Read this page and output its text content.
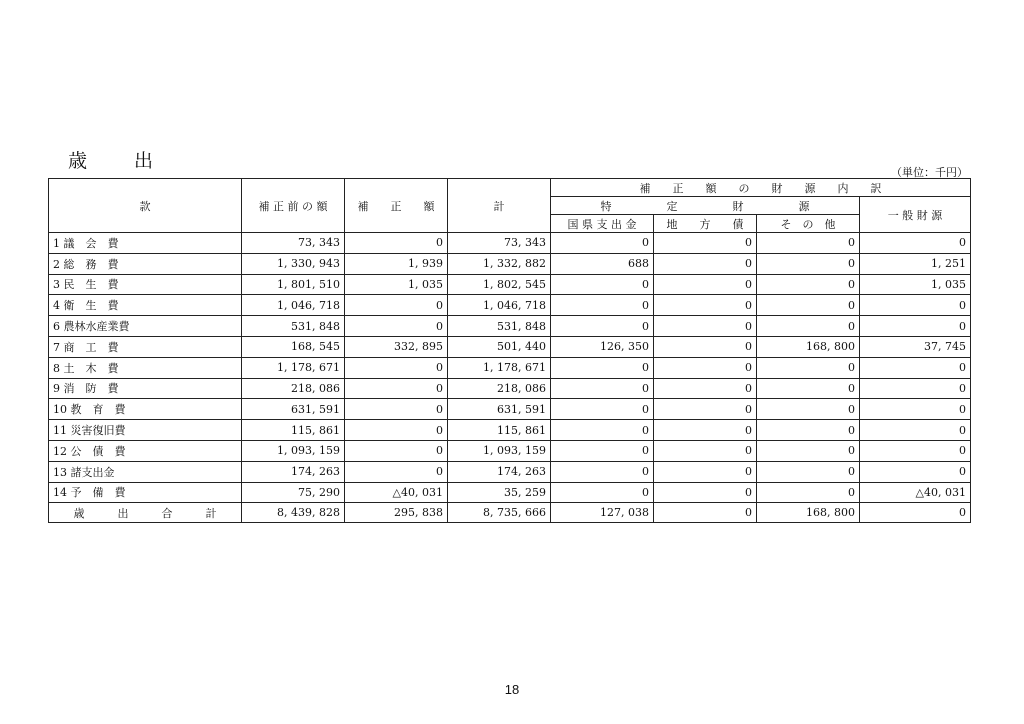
歳　出
（単位：千円）
款	補 正 前 の 額	補　　正　　額	計	補　　正　　額　　の　　財　　源　　内　　訳			
				特　　　　　定　　　　　財　　　　　源			一 般 財 源
				国 県 支 出 金	地　　方　　債	そ　の　他	
1 議　会　費	73, 343	0	73, 343	0	0	0	0
2 総　務　費	1, 330, 943	1, 939	1, 332, 882	688	0	0	1, 251
3 民　生　費	1, 801, 510	1, 035	1, 802, 545	0	0	0	1, 035
4 衛　生　費	1, 046, 718	0	1, 046, 718	0	0	0	0
6 農林水産業費	531, 848	0	531, 848	0	0	0	0
7 商　工　費	168, 545	332, 895	501, 440	126, 350	0	168, 800	37, 745
8 土　木　費	1, 178, 671	0	1, 178, 671	0	0	0	0
9 消　防　費	218, 086	0	218, 086	0	0	0	0
10 教　育　費	631, 591	0	631, 591	0	0	0	0
11 災害復旧費	115, 861	0	115, 861	0	0	0	0
12 公　債　費	1, 093, 159	0	1, 093, 159	0	0	0	0
13 諸支出金	174, 263	0	174, 263	0	0	0	0
14 予　備　費	75, 290	△40, 031	35, 259	0	0	0	△40, 031
歳　　　出　　　合　　　計	8, 439, 828	295, 838	8, 735, 666	127, 038	0	168, 800	0
18
